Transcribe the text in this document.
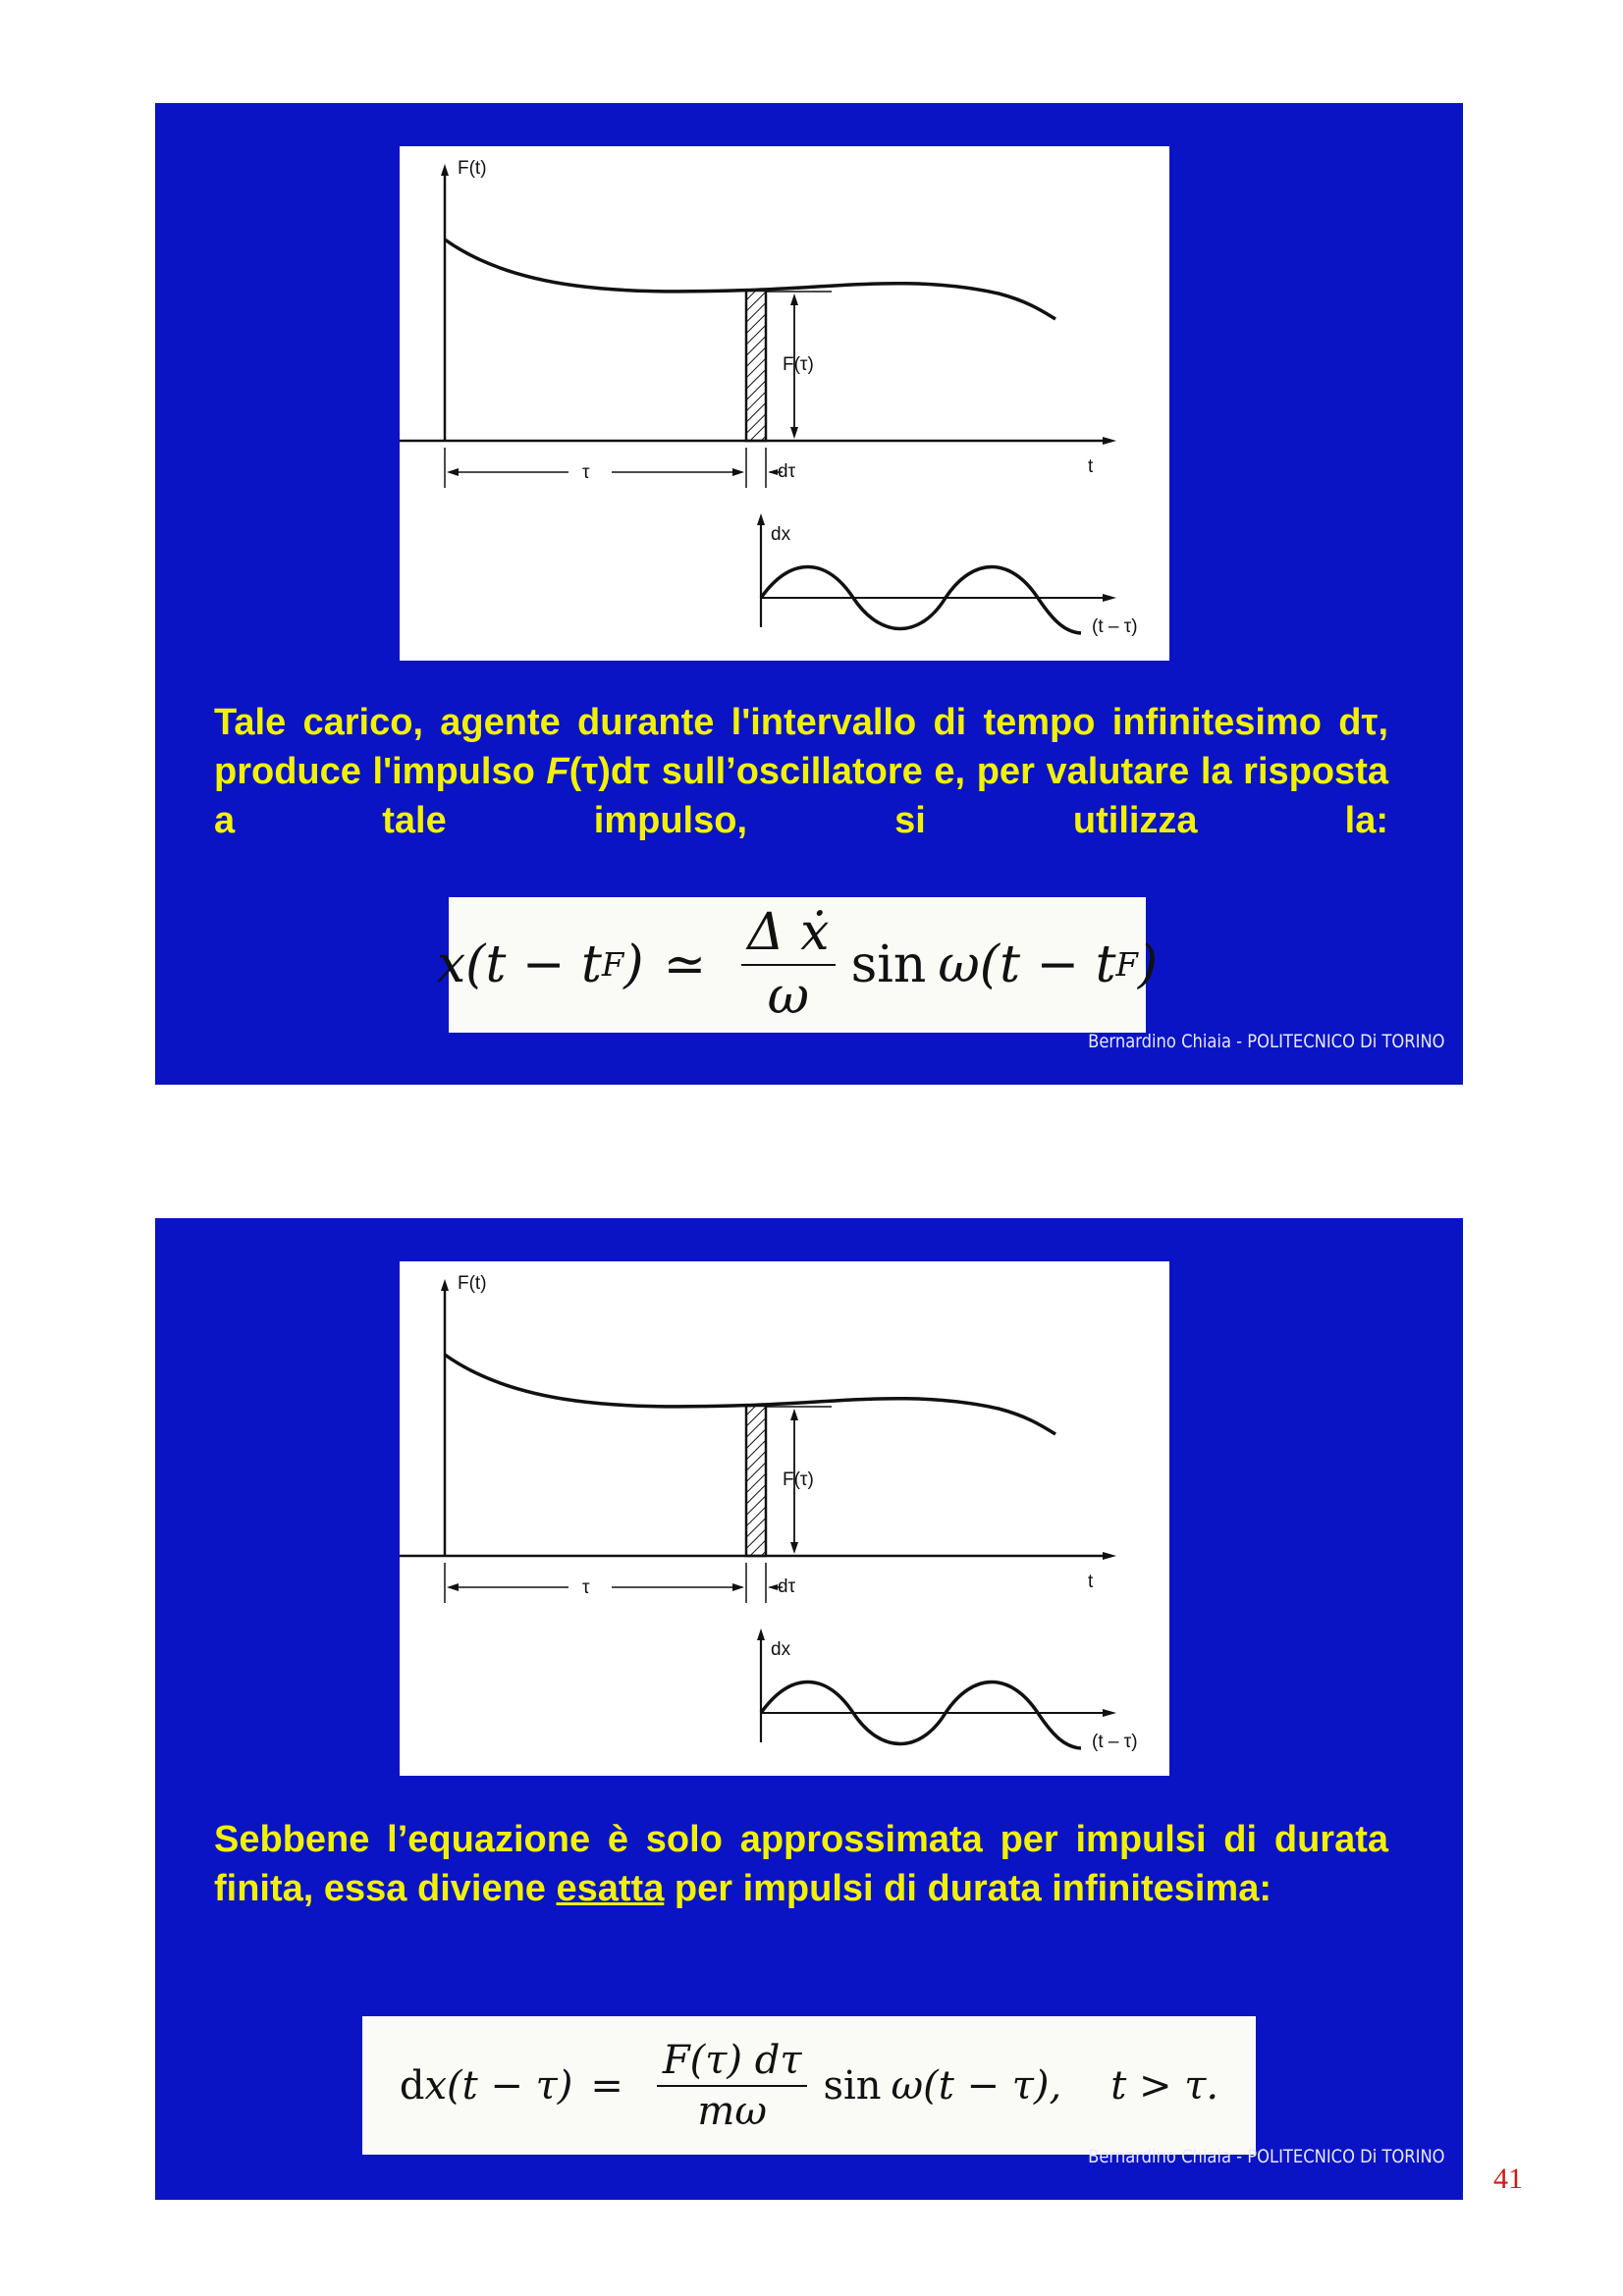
F(t)
F(τ)
t
τ	dτ
dx
(t – τ)

Tale carico, agente durante l'intervallo di tempo infinitesimo dτ, produce l'impulso F(τ)dτ sull’oscillatore e, per valutare la risposta a tale impulso, si utilizza la:

x(t − t F ) ≃ $\frac{\text{Δ ẋ}}{\omega}$ sin ω(t − t F )
Bernardino Chiaia - POLITECNICO Di TORINO
F(t)
F(τ)
t
τ	dτ
dx
(t – τ)

Sebbene l’equazione è solo approssimata per impulsi di durata finita, essa diviene esatta per impulsi di durata infinitesima:

d $x(t - \tau) = \frac{F(\tau) d\tau}{m\omega}$ sin ω(t − τ), t > τ.
Bernardino Chiaia - POLITECNICO Di TORINO
41
